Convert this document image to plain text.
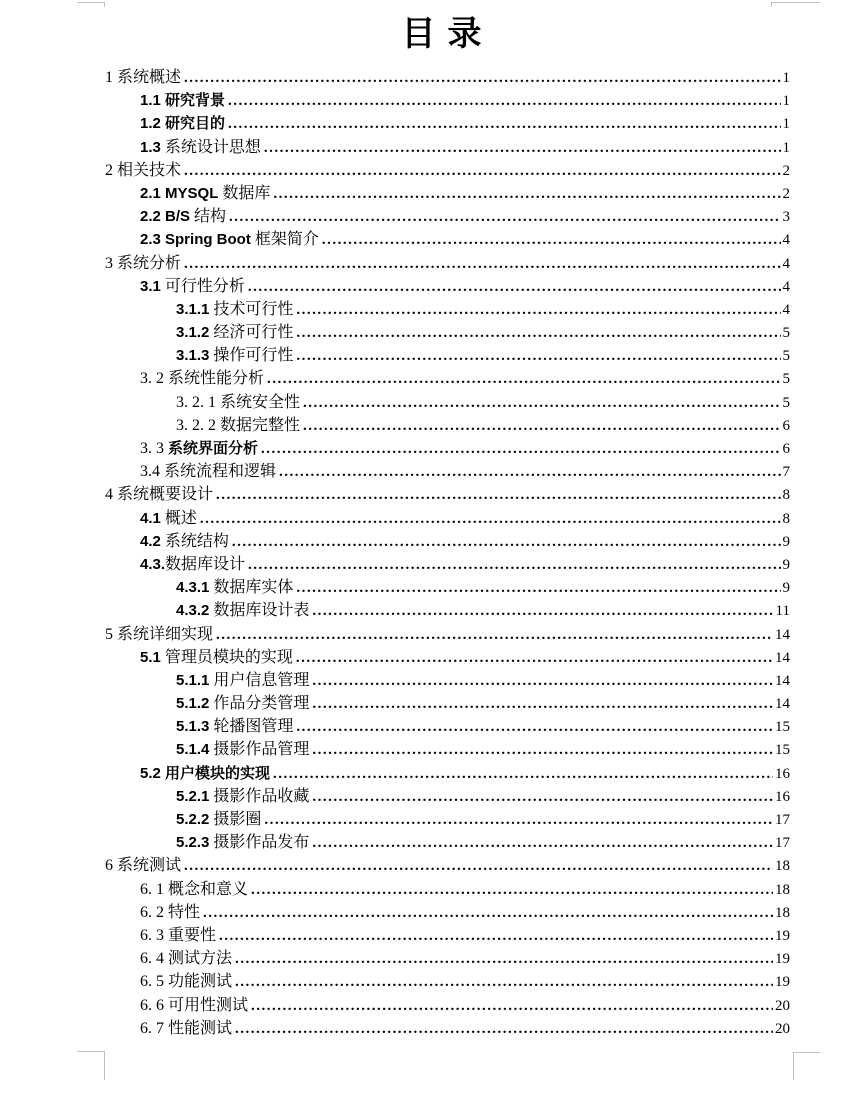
目录
1 系统概述 .....	1
1.1 研究背景 .....	1
1.2 研究目的 .....	1
1.3 系统设计思想 .....	1
2 相关技术 .....	2
2.1 MYSQL 数据库 .....	2
2.2 B/S 结构 .....	3
2.3 Spring Boot 框架简介 .....	4
3 系统分析 .....	4
3.1 可行性分析 .....	4
3.1.1 技术可行性 .....	4
3.1.2 经济可行性 .....	5
3.1.3 操作可行性 .....	5
3. 2 系统性能分析 .....	5
3. 2. 1 系统安全性 .....	5
3. 2. 2 数据完整性 .....	6
3. 3 系统界面分析 .....	6
3.4 系统流程和逻辑 .....	7
4 系统概要设计 .....	8
4.1 概述 .....	8
4.2 系统结构 .....	9
4.3.数据库设计 .....	9
4.3.1 数据库实体 .....	9
4.3.2 数据库设计表 .....	11
5 系统详细实现 .....	14
5.1 管理员模块的实现 .....	14
5.1.1 用户信息管理 .....	14
5.1.2 作品分类管理 .....	14
5.1.3 轮播图管理 .....	15
5.1.4 摄影作品管理 .....	15
5.2 用户模块的实现 .....	16
5.2.1 摄影作品收藏 .....	16
5.2.2 摄影圈 .....	17
5.2.3 摄影作品发布 .....	17
6 系统测试 .....	18
6. 1 概念和意义 .....	18
6. 2 特性 .....	18
6. 3 重要性 .....	19
6. 4 测试方法 .....	19
6. 5 功能测试 .....	19
6. 6 可用性测试 .....	20
6. 7 性能测试 .....	20
